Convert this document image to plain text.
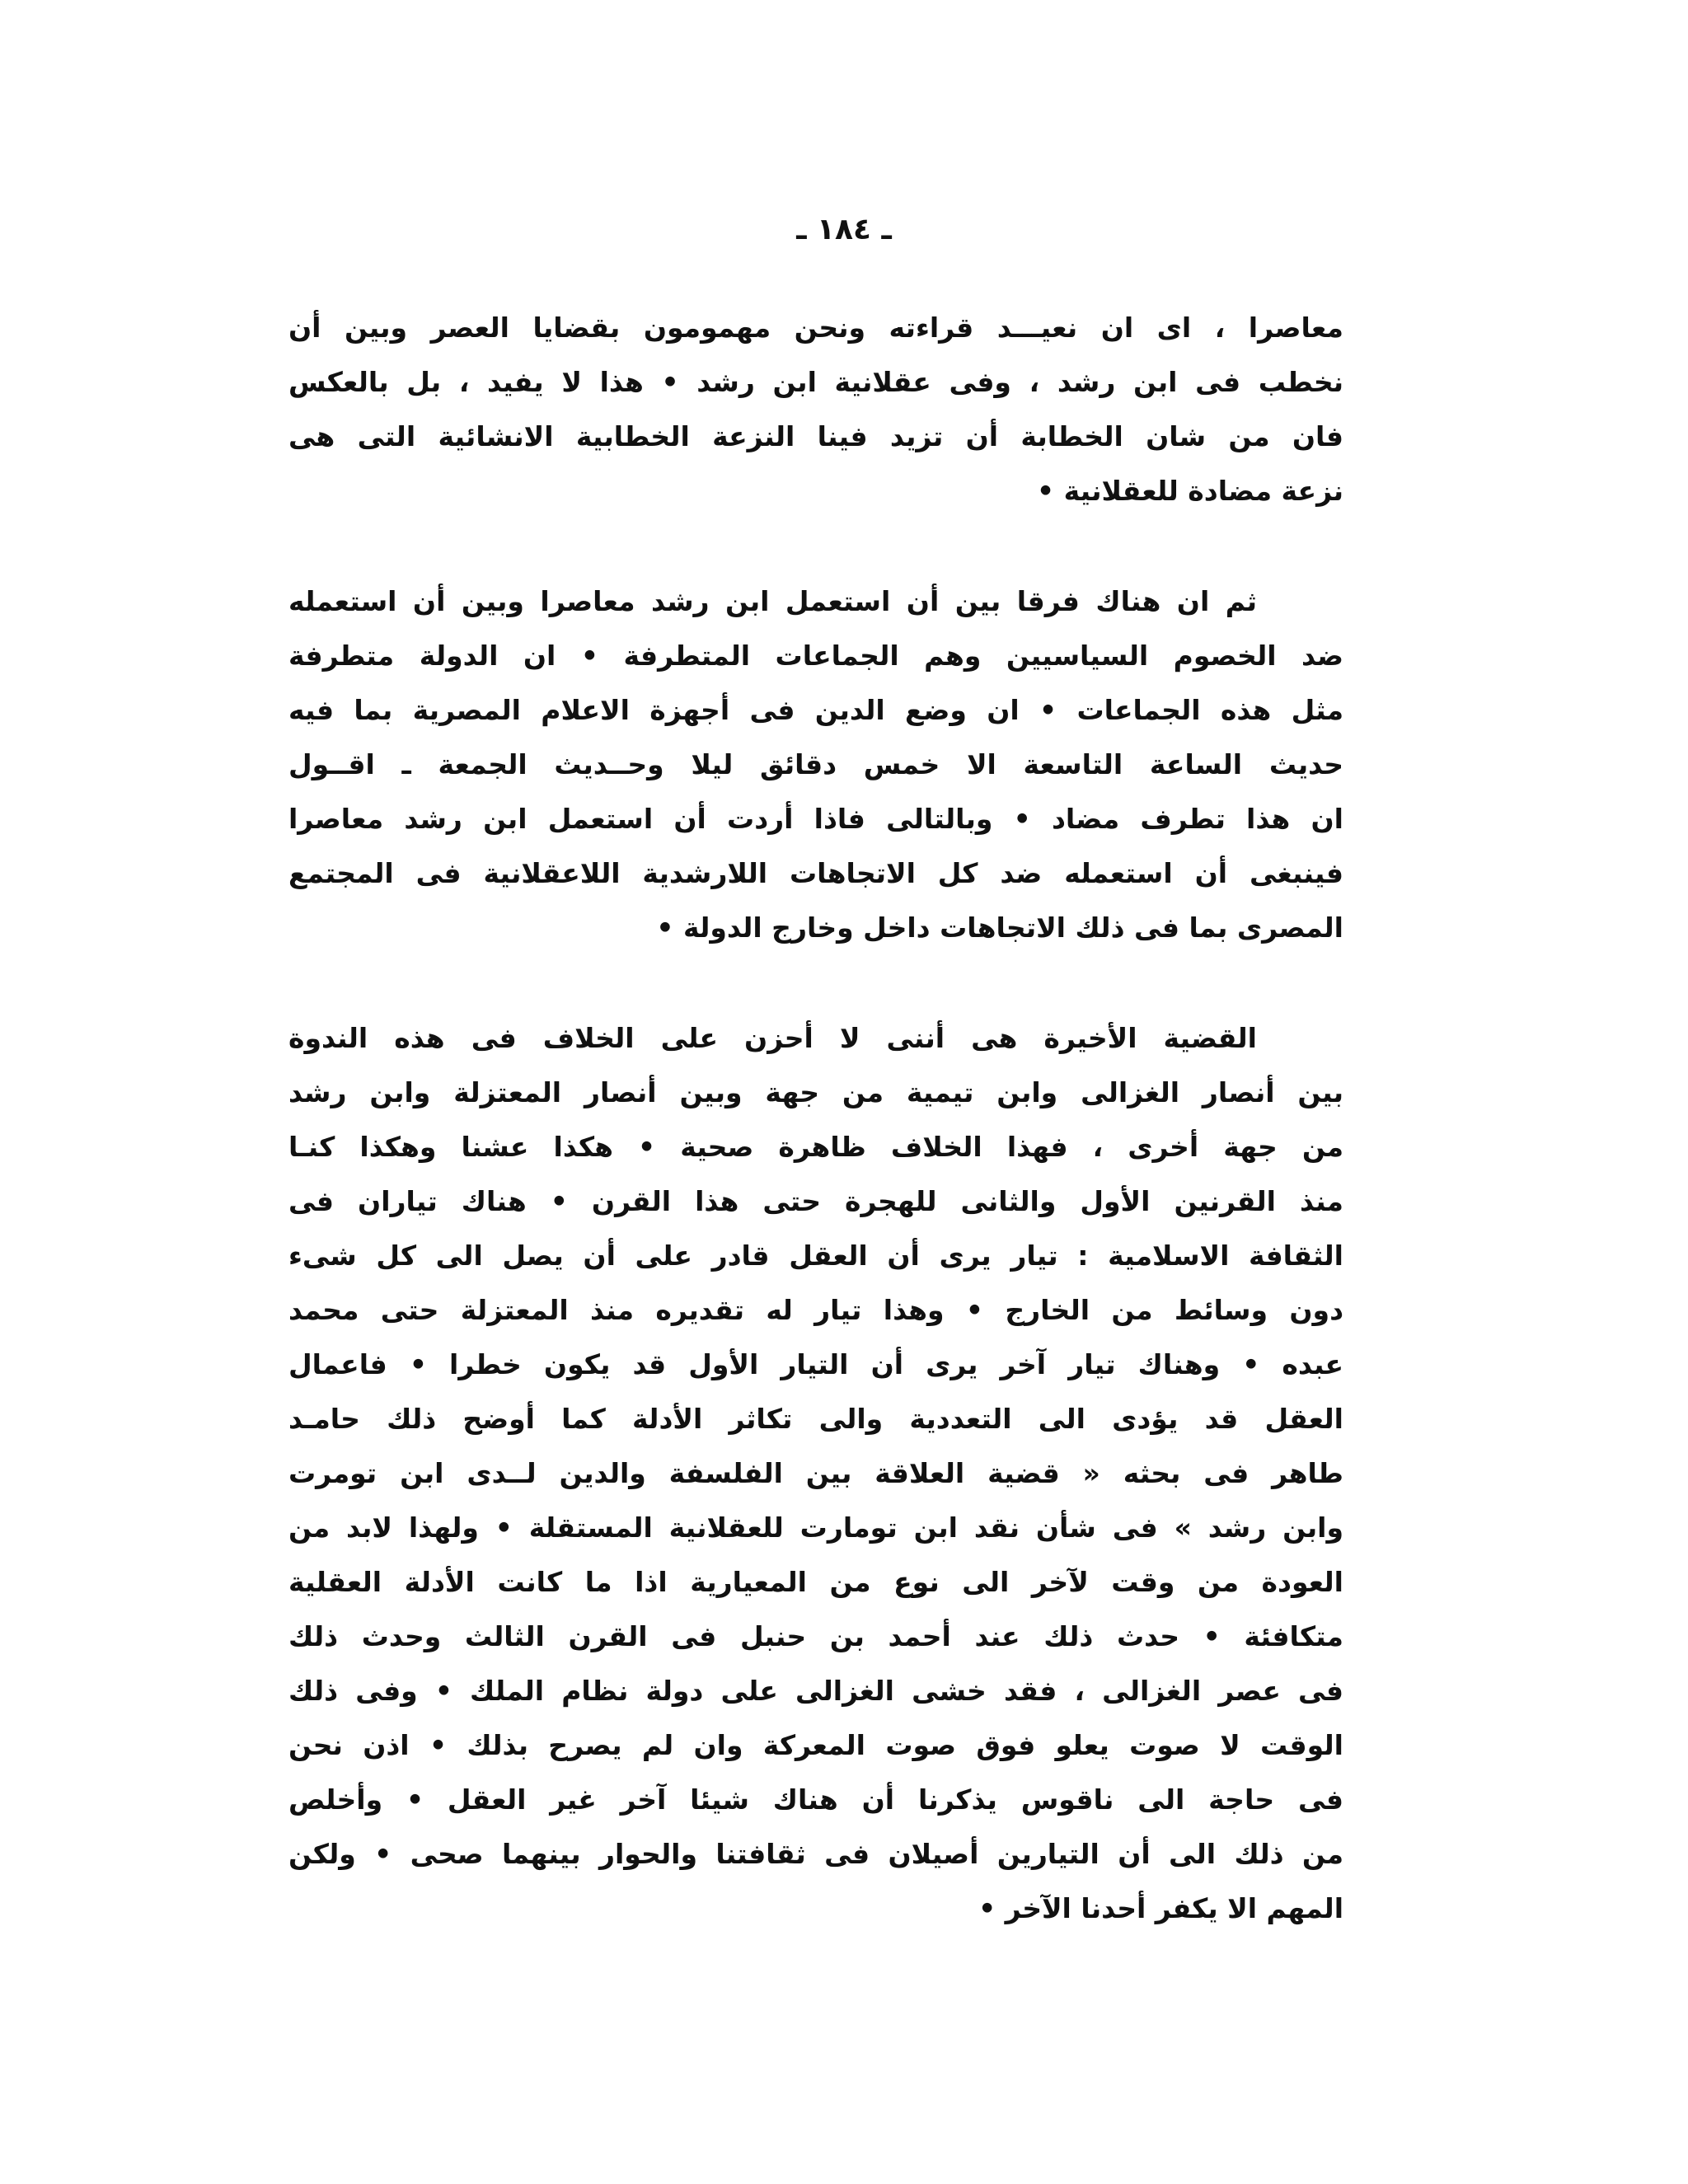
ـ ١٨٤ ـ
معاصرا ، اى ان نعيـــد قراءته ونحن مهمومون بقضايا العصر وبين أن
نخطب فى ابن رشد ، وفى عقلانية ابن رشد • هذا لا يفيد ، بل بالعكس
فان من شان الخطابة أن تزيد فينا النزعة الخطابية الانشائية التى هى
نزعة مضادة للعقلانية •
ثم ان هناك فرقا بين أن استعمل ابن رشد معاصرا وبين أن استعمله
ضد الخصوم السياسيين وهم الجماعات المتطرفة • ان الدولة متطرفة
مثل هذه الجماعات • ان وضع الدين فى أجهزة الاعلام المصرية بما فيه
حديث الساعة التاسعة الا خمس دقائق ليلا وحــديث الجمعة ـ اقــول
ان هذا تطرف مضاد • وبالتالى فاذا أردت أن استعمل ابن رشد معاصرا
فينبغى أن استعمله ضد كل الاتجاهات اللارشدية اللاعقلانية فى المجتمع
المصرى بما فى ذلك الاتجاهات داخل وخارج الدولة •
القضية الأخيرة هى أننى لا أحزن على الخلاف فى هذه الندوة
بين أنصار الغزالى وابن تيمية من جهة وبين أنصار المعتزلة وابن رشد
من جهة أخرى ، فهذا الخلاف ظاهرة صحية • هكذا عشنا وهكذا كنـا
منذ القرنين الأول والثانى للهجرة حتى هذا القرن • هناك تياران فى
الثقافة الاسلامية : تيار يرى أن العقل قادر على أن يصل الى كل شىء
دون وسائط من الخارج • وهذا تيار له تقديره منذ المعتزلة حتى محمد
عبده • وهناك تيار آخر يرى أن التيار الأول قد يكون خطرا • فاعمال
العقل قد يؤدى الى التعددية والى تكاثر الأدلة كما أوضح ذلك حامـد
طاهر فى بحثه « قضية العلاقة بين الفلسفة والدين لــدى ابن تومرت
وابن رشد » فى شأن نقد ابن تومارت للعقلانية المستقلة • ولهذا لابد من
العودة من وقت لآخر الى نوع من المعيارية اذا ما كانت الأدلة العقلية
متكافئة • حدث ذلك عند أحمد بن حنبل فى القرن الثالث وحدث ذلك
فى عصر الغزالى ، فقد خشى الغزالى على دولة نظام الملك • وفى ذلك
الوقت لا صوت يعلو فوق صوت المعركة وان لم يصرح بذلك • اذن نحن
فى حاجة الى ناقوس يذكرنا أن هناك شيئا آخر غير العقل • وأخلص
من ذلك الى أن التيارين أصيلان فى ثقافتنا والحوار بينهما صحى • ولكن
المهم الا يكفر أحدنا الآخر •
